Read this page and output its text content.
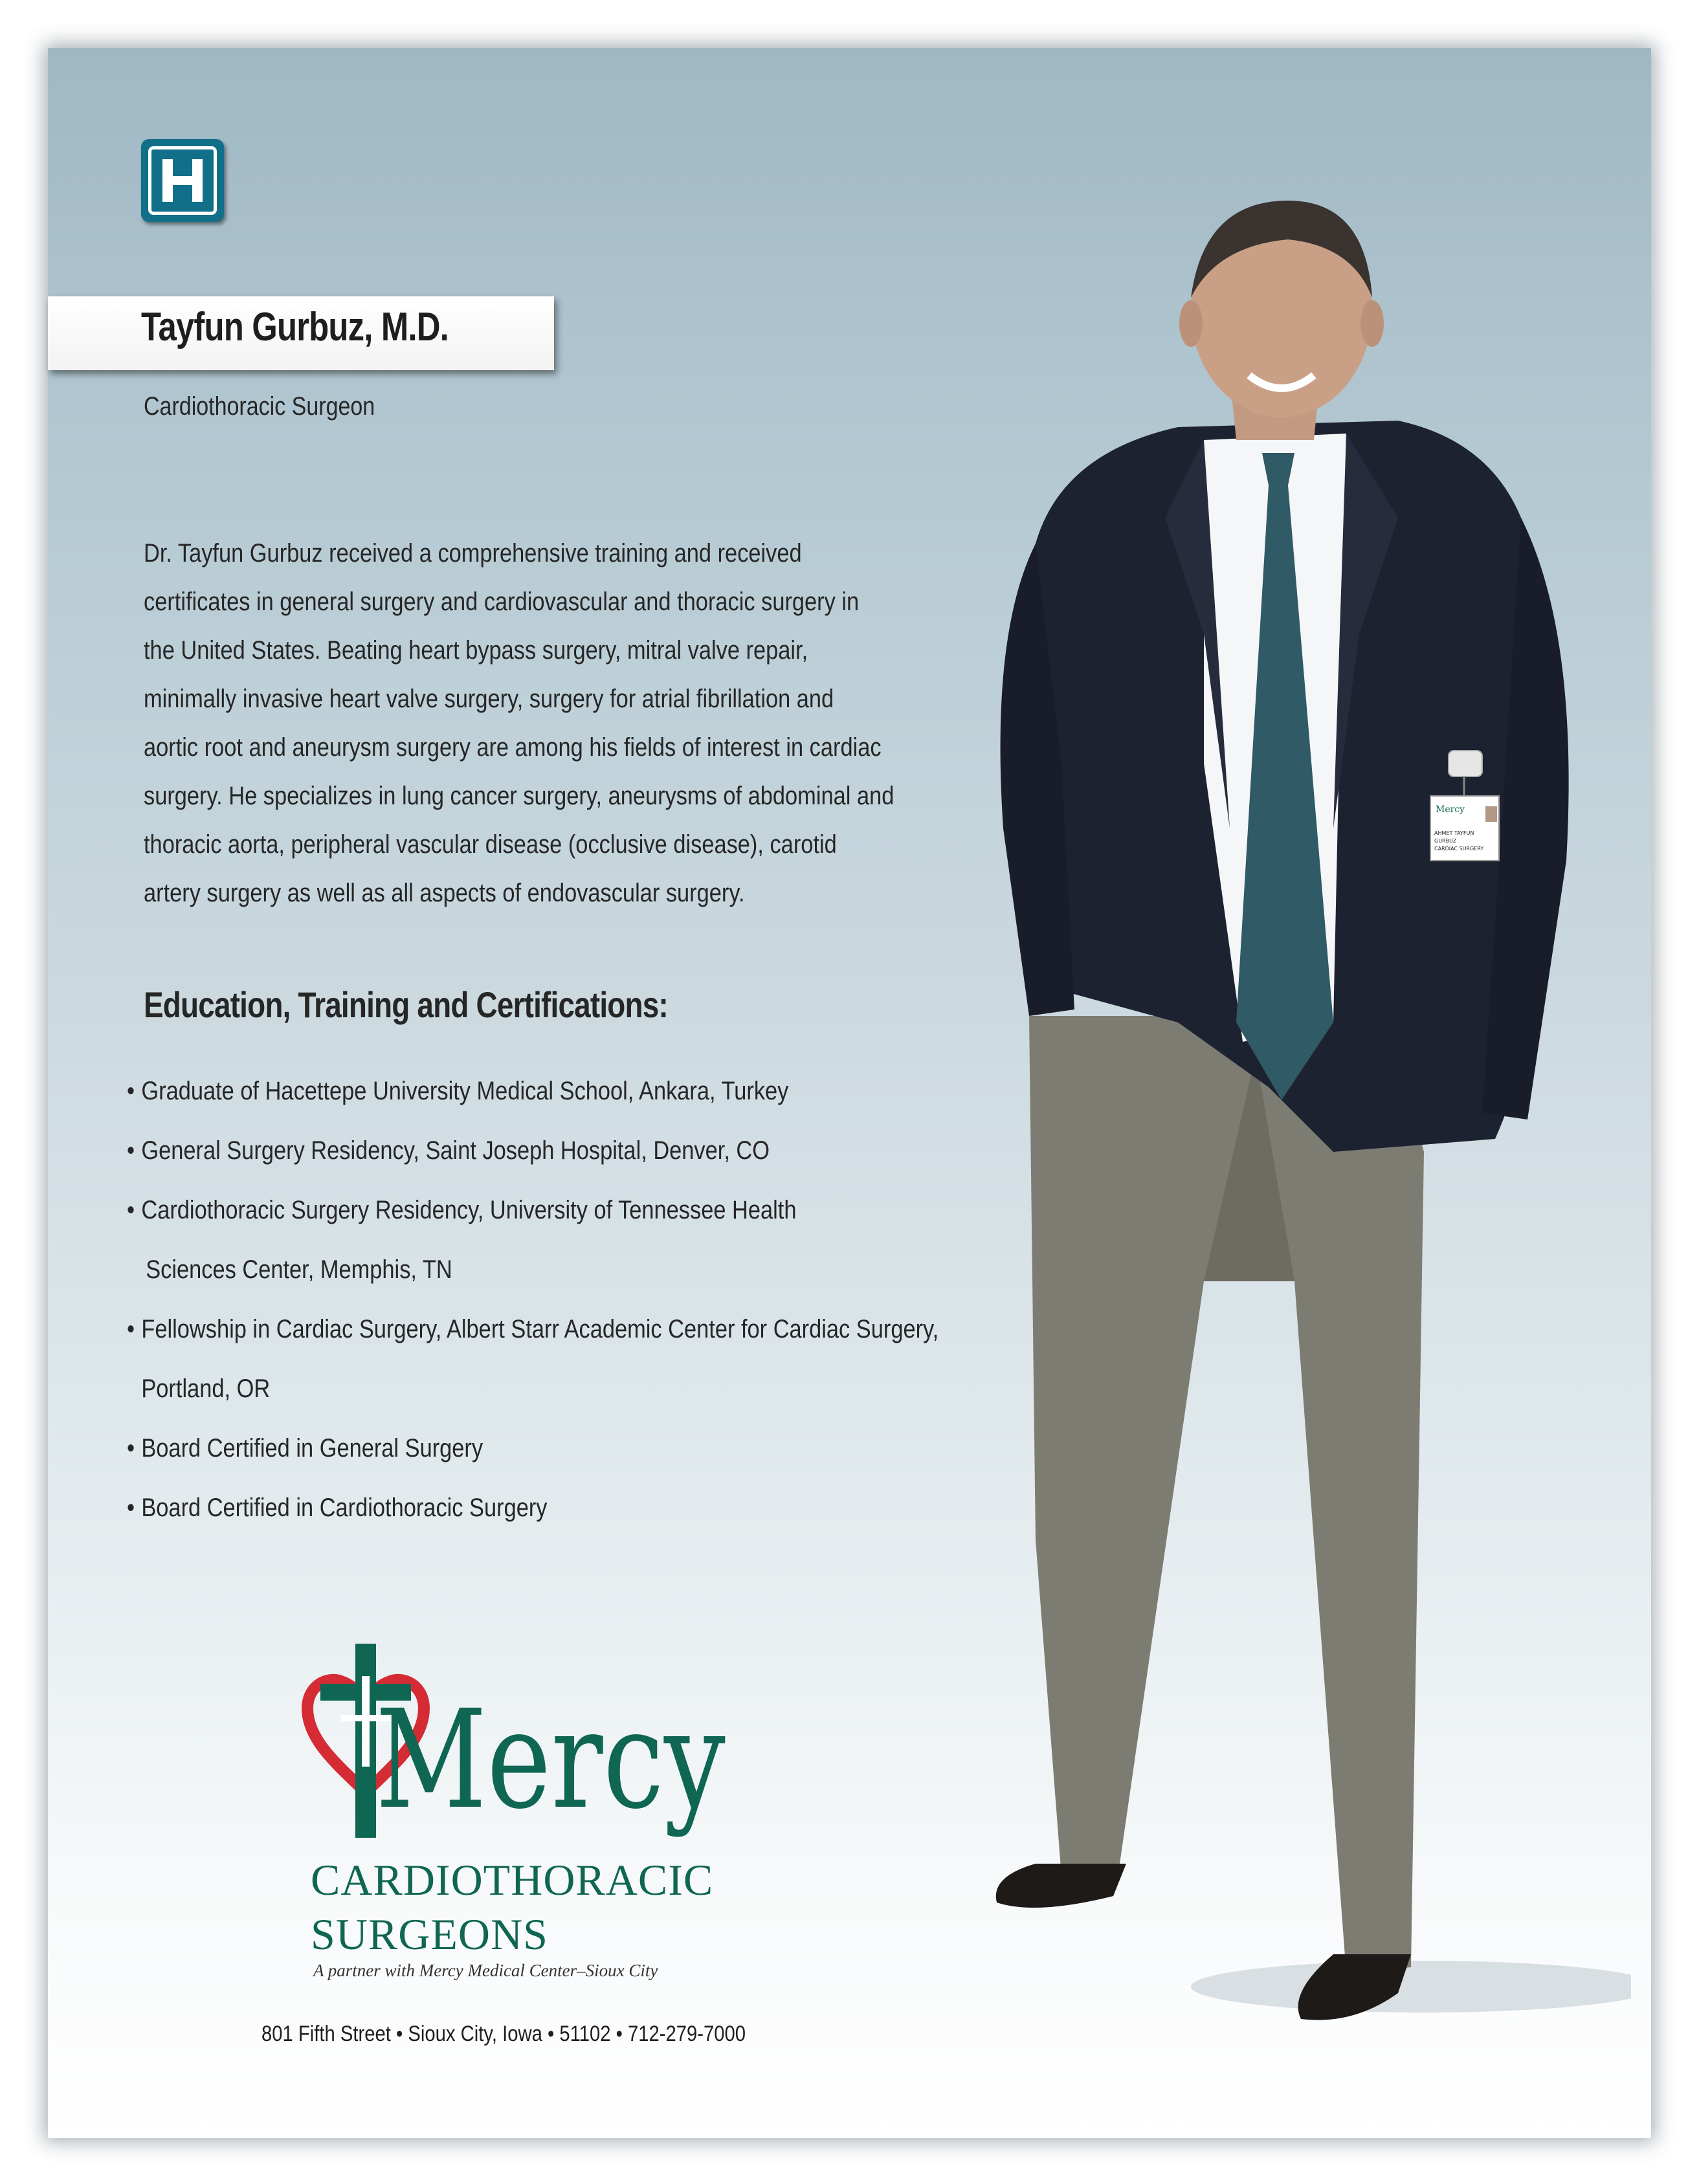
Tayfun Gurbuz, M.D.
Cardiothoracic Surgeon
Dr. Tayfun Gurbuz received a comprehensive training and received
certificates in general surgery and cardiovascular and thoracic surgery in
the United States. Beating heart bypass surgery, mitral valve repair,
minimally invasive heart valve surgery, surgery for atrial fibrillation and
aortic root and aneurysm surgery are among his fields of interest in cardiac
surgery. He specializes in lung cancer surgery, aneurysms of abdominal and
thoracic aorta, peripheral vascular disease (occlusive disease), carotid
artery surgery as well as all aspects of endovascular surgery.
Education, Training and Certifications:
• Graduate of Hacettepe University Medical School, Ankara, Turkey
• General Surgery Residency, Saint Joseph Hospital, Denver, CO
• Cardiothoracic Surgery Residency, University of Tennessee Health
Sciences Center, Memphis, TN
• Fellowship in Cardiac Surgery, Albert Starr Academic Center for Cardiac Surgery,
Portland, OR
• Board Certified in General Surgery
• Board Certified in Cardiothoracic Surgery
Mercy
CARDIOTHORACIC
SURGEONS
A partner with Mercy Medical Center–Sioux City
801 Fifth Street • Sioux City, Iowa • 51102 • 712-279-7000
Mercy
AHMET TAYFUN
GURBUZ
CARDIAC SURGERY
